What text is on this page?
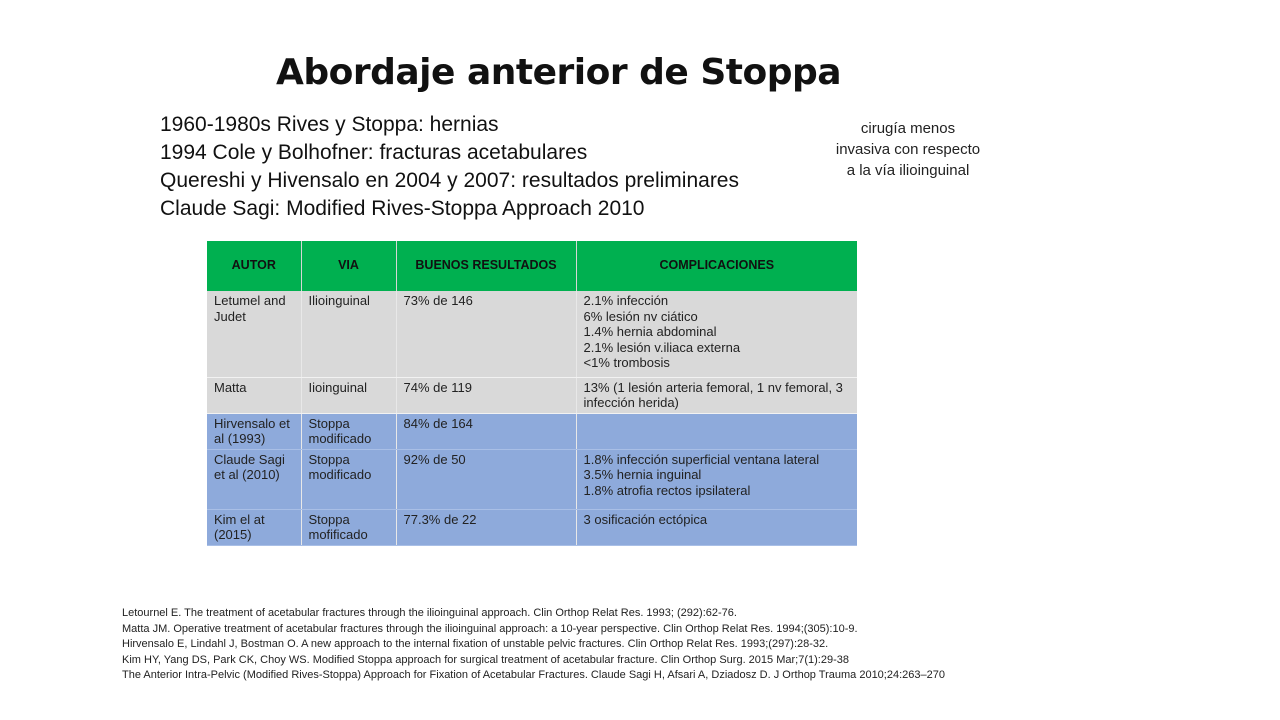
Abordaje anterior de Stoppa
1960-1980s Rives y Stoppa: hernias
1994 Cole y Bolhofner: fracturas acetabulares
Quereshi y Hivensalo en 2004 y 2007: resultados preliminares
Claude Sagi: Modified Rives-Stoppa Approach 2010

cirugía menos invasiva con respecto a la vía ilioinguinal

AUTOR	VIA	BUENOS RESULTADOS	COMPLICACIONES
Letumel and Judet	Ilioinguinal	73% de 146	2.1% infección
6% lesión nv ciático
1.4% hernia abdominal
2.1% lesión v.iliaca externa
<1% trombosis

Matta	Iioinguinal	74% de 119	13% (1 lesión arteria femoral, 1 nv femoral, 3 infección herida)

Hirvensalo et al (1993)	Stoppa modificado	84% de 164	
Claude Sagi et al (2010)	Stoppa modificado	92% de 50	1.8% infección superficial ventana lateral
3.5% hernia inguinal
1.8% atrofia rectos ipsilateral

Kim el at (2015)	Stoppa mofificado	77.3% de 22	3 osificación ectópica

Letournel E. The treatment of acetabular fractures through the ilioinguinal approach. Clin Orthop Relat Res. 1993; (292):62-76.

Matta JM. Operative treatment of acetabular fractures through the ilioinguinal approach: a 10-year perspective. Clin Orthop Relat Res. 1994;(305):10-9.

Hirvensalo E, Lindahl J, Bostman O. A new approach to the internal fixation of unstable pelvic fractures. Clin Orthop Relat Res. 1993;(297):28-32.

Kim HY, Yang DS, Park CK, Choy WS. Modified Stoppa approach for surgical treatment of acetabular fracture. Clin Orthop Surg. 2015 Mar;7(1):29-38

The Anterior Intra-Pelvic (Modified Rives-Stoppa) Approach for Fixation of Acetabular Fractures. Claude Sagi H, Afsari A, Dziadosz D. J Orthop Trauma 2010;24:263–270
